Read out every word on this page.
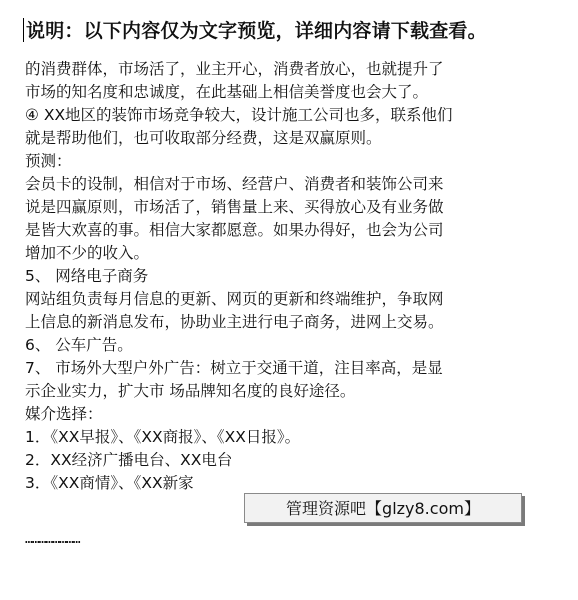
说明：以下内容仅为文字预览，详细内容请下载查看。
的消费群体，市场活了，业主开心，消费者放心，也就提升了
市场的知名度和忠诚度，在此基础上相信美誉度也会大了。
④ XX地区的装饰市场竞争较大，设计施工公司也多，联系他们
就是帮助他们，也可收取部分经费，这是双赢原则。
预测：
会员卡的设制，相信对于市场、经营户、消费者和装饰公司来
说是四赢原则，市场活了，销售量上来、买得放心及有业务做
是皆大欢喜的事。相信大家都愿意。如果办得好，也会为公司
增加不少的收入。
5、 网络电子商务
网站组负责每月信息的更新、网页的更新和终端维护，争取网
上信息的新消息发布，协助业主进行电子商务，进网上交易。
6、 公车广告。
7、 市场外大型户外广告：树立于交通干道，注目率高，是显
示企业实力，扩大市 场品牌知名度的良好途径。
媒介选择：
1．《XX早报》、《XX商报》、《XX日报》。
2．XX经济广播电台、XX电台
3．《XX商情》、《XX新家
……………………
管理资源吧【glzy8.com】
